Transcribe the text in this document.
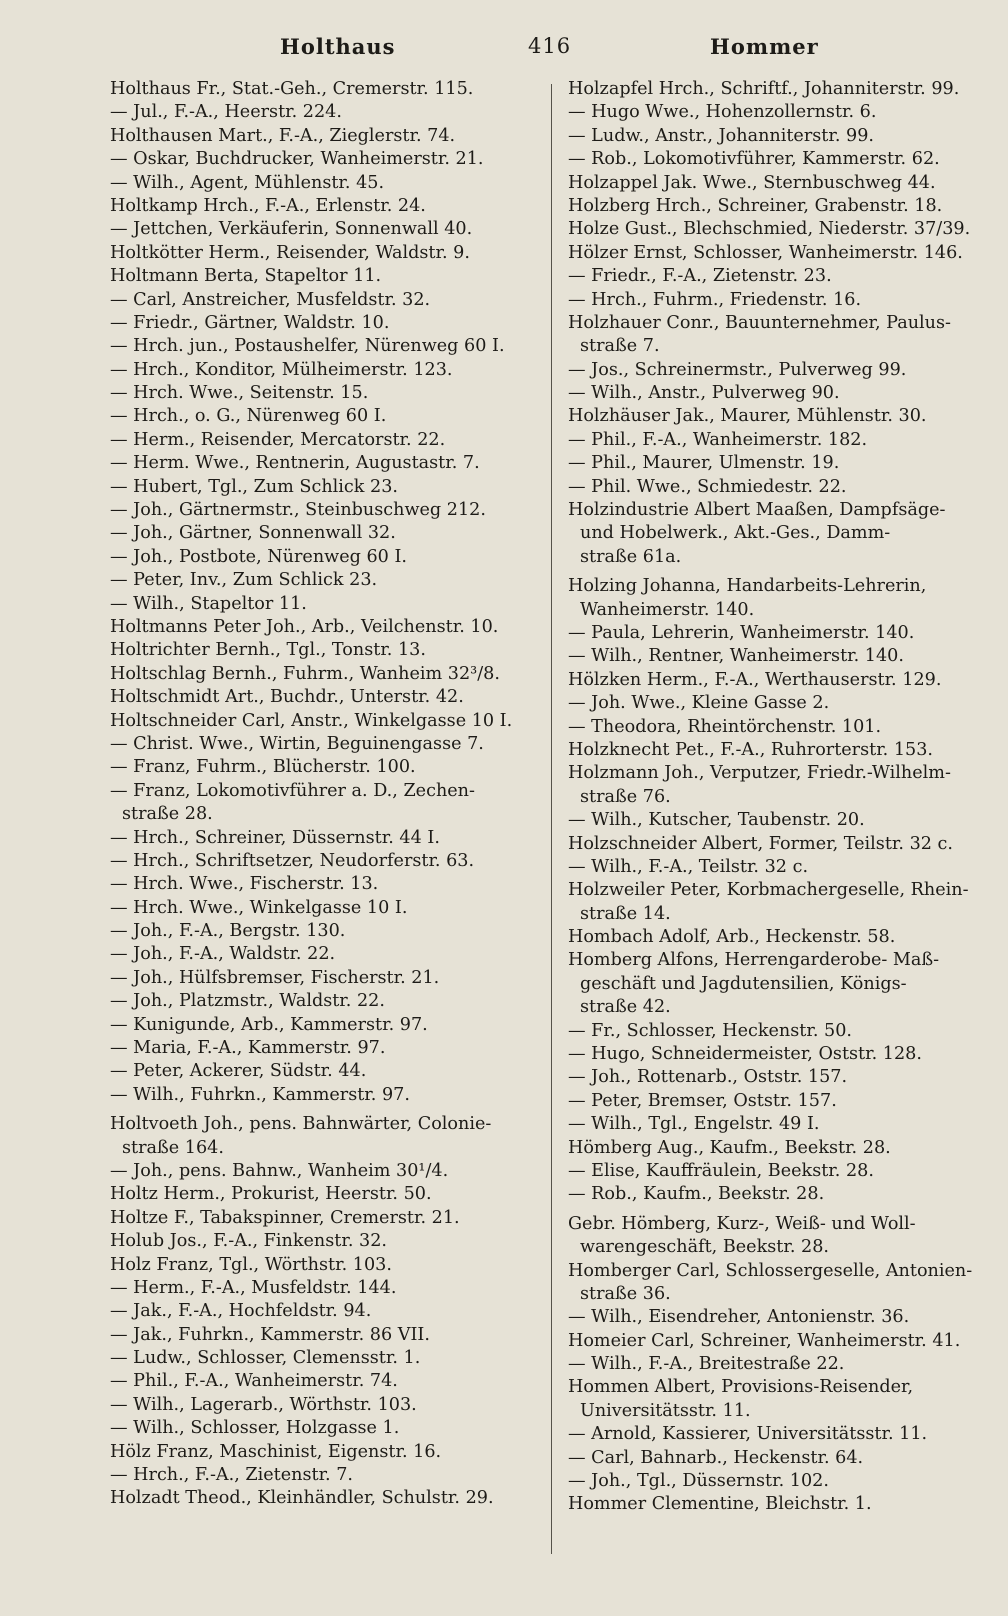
Holthaus	416	Hommer
Holthaus Fr., Stat.-Geh., Cremerstr. 115.
— Jul., F.-A., Heerstr. 224.
Holthausen Mart., F.-A., Zieglerstr. 74.
— Oskar, Buchdrucker, Wanheimerstr. 21.
— Wilh., Agent, Mühlenstr. 45.
Holtkamp Hrch., F.-A., Erlenstr. 24.
— Jettchen, Verkäuferin, Sonnenwall 40.
Holtkötter Herm., Reisender, Waldstr. 9.
Holtmann Berta, Stapeltor 11.
— Carl, Anstreicher, Musfeldstr. 32.
— Friedr., Gärtner, Waldstr. 10.
— Hrch. jun., Postaushelfer, Nürenweg 60 I.
— Hrch., Konditor, Mülheimerstr. 123.
— Hrch. Wwe., Seitenstr. 15.
— Hrch., o. G., Nürenweg 60 I.
— Herm., Reisender, Mercatorstr. 22.
— Herm. Wwe., Rentnerin, Augustastr. 7.
— Hubert, Tgl., Zum Schlick 23.
— Joh., Gärtnermstr., Steinbuschweg 212.
— Joh., Gärtner, Sonnenwall 32.
— Joh., Postbote, Nürenweg 60 I.
— Peter, Inv., Zum Schlick 23.
— Wilh., Stapeltor 11.
Holtmanns Peter Joh., Arb., Veilchenstr. 10.
Holtrichter Bernh., Tgl., Tonstr. 13.
Holtschlag Bernh., Fuhrm., Wanheim 32³/8.
Holtschmidt Art., Buchdr., Unterstr. 42.
Holtschneider Carl, Anstr., Winkelgasse 10 I.
— Christ. Wwe., Wirtin, Beguinengasse 7.
— Franz, Fuhrm., Blücherstr. 100.
— Franz, Lokomotivführer a. D., Zechen-
straße 28.
— Hrch., Schreiner, Düssernstr. 44 I.
— Hrch., Schriftsetzer, Neudorferstr. 63.
— Hrch. Wwe., Fischerstr. 13.
— Hrch. Wwe., Winkelgasse 10 I.
— Joh., F.-A., Bergstr. 130.
— Joh., F.-A., Waldstr. 22.
— Joh., Hülfsbremser, Fischerstr. 21.
— Joh., Platzmstr., Waldstr. 22.
— Kunigunde, Arb., Kammerstr. 97.
— Maria, F.-A., Kammerstr. 97.
— Peter, Ackerer, Südstr. 44.
— Wilh., Fuhrkn., Kammerstr. 97.
Holtvoeth Joh., pens. Bahnwärter, Colonie-
straße 164.
— Joh., pens. Bahnw., Wanheim 30¹/4.
Holtz Herm., Prokurist, Heerstr. 50.
Holtze F., Tabakspinner, Cremerstr. 21.
Holub Jos., F.-A., Finkenstr. 32.
Holz Franz, Tgl., Wörthstr. 103.
— Herm., F.-A., Musfeldstr. 144.
— Jak., F.-A., Hochfeldstr. 94.
— Jak., Fuhrkn., Kammerstr. 86 VII.
— Ludw., Schlosser, Clemensstr. 1.
— Phil., F.-A., Wanheimerstr. 74.
— Wilh., Lagerarb., Wörthstr. 103.
— Wilh., Schlosser, Holzgasse 1.
Hölz Franz, Maschinist, Eigenstr. 16.
— Hrch., F.-A., Zietenstr. 7.
Holzadt Theod., Kleinhändler, Schulstr. 29.
Holzapfel Hrch., Schriftf., Johanniterstr. 99.
— Hugo Wwe., Hohenzollernstr. 6.
— Ludw., Anstr., Johanniterstr. 99.
— Rob., Lokomotivführer, Kammerstr. 62.
Holzappel Jak. Wwe., Sternbuschweg 44.
Holzberg Hrch., Schreiner, Grabenstr. 18.
Holze Gust., Blechschmied, Niederstr. 37/39.
Hölzer Ernst, Schlosser, Wanheimerstr. 146.
— Friedr., F.-A., Zietenstr. 23.
— Hrch., Fuhrm., Friedenstr. 16.
Holzhauer Conr., Bauunternehmer, Paulus-
straße 7.
— Jos., Schreinermstr., Pulverweg 99.
— Wilh., Anstr., Pulverweg 90.
Holzhäuser Jak., Maurer, Mühlenstr. 30.
— Phil., F.-A., Wanheimerstr. 182.
— Phil., Maurer, Ulmenstr. 19.
— Phil. Wwe., Schmiedestr. 22.
Holzindustrie Albert Maaßen, Dampfsäge-
und Hobelwerk., Akt.-Ges., Damm-
straße 61a.
Holzing Johanna, Handarbeits-Lehrerin,
Wanheimerstr. 140.
— Paula, Lehrerin, Wanheimerstr. 140.
— Wilh., Rentner, Wanheimerstr. 140.
Hölzken Herm., F.-A., Werthauserstr. 129.
— Joh. Wwe., Kleine Gasse 2.
— Theodora, Rheintörchenstr. 101.
Holzknecht Pet., F.-A., Ruhrorterstr. 153.
Holzmann Joh., Verputzer, Friedr.-Wilhelm-
straße 76.
— Wilh., Kutscher, Taubenstr. 20.
Holzschneider Albert, Former, Teilstr. 32 c.
— Wilh., F.-A., Teilstr. 32 c.
Holzweiler Peter, Korbmachergeselle, Rhein-
straße 14.
Hombach Adolf, Arb., Heckenstr. 58.
Homberg Alfons, Herrengarderobe- Maß-
geschäft und Jagdutensilien, Königs-
straße 42.
— Fr., Schlosser, Heckenstr. 50.
— Hugo, Schneidermeister, Oststr. 128.
— Joh., Rottenarb., Oststr. 157.
— Peter, Bremser, Oststr. 157.
— Wilh., Tgl., Engelstr. 49 I.
Hömberg Aug., Kaufm., Beekstr. 28.
— Elise, Kauffräulein, Beekstr. 28.
— Rob., Kaufm., Beekstr. 28.
Gebr. Hömberg, Kurz-, Weiß- und Woll-
warengeschäft, Beekstr. 28.
Homberger Carl, Schlossergeselle, Antonien-
straße 36.
— Wilh., Eisendreher, Antonienstr. 36.
Homeier Carl, Schreiner, Wanheimerstr. 41.
— Wilh., F.-A., Breitestraße 22.
Hommen Albert, Provisions-Reisender,
Universitätsstr. 11.
— Arnold, Kassierer, Universitätsstr. 11.
— Carl, Bahnarb., Heckenstr. 64.
— Joh., Tgl., Düssernstr. 102.
Hommer Clementine, Bleichstr. 1.
